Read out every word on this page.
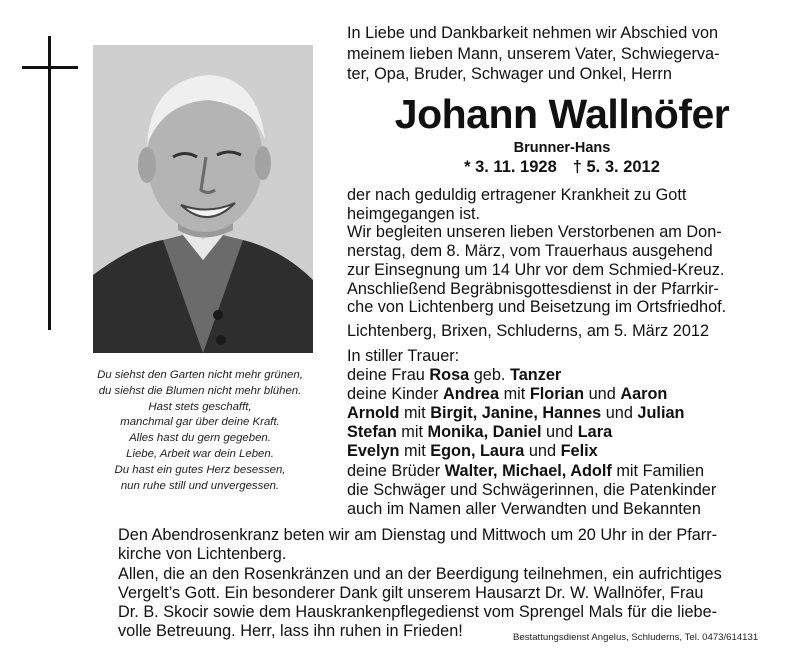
Du siehst den Garten nicht mehr grünen,
du siehst die Blumen nicht mehr blühen.
Hast stets geschafft,
manchmal gar über deine Kraft.
Alles hast du gern gegeben.
Liebe, Arbeit war dein Leben.
Du hast ein gutes Herz besessen,
nun ruhe still und unvergessen.
In Liebe und Dankbarkeit nehmen wir Abschied von
meinem lieben Mann, unserem Vater, Schwiegerva-
ter, Opa, Bruder, Schwager und Onkel, Herrn
Johann Wallnöfer
Brunner-Hans
* 3. 11. 1928 † 5. 3. 2012
der nach geduldig ertragener Krankheit zu Gott
heimgegangen ist.
Wir begleiten unseren lieben Verstorbenen am Don-
nerstag, dem 8. März, vom Trauerhaus ausgehend
zur Einsegnung um 14 Uhr vor dem Schmied-Kreuz.
Anschließend Begräbnisgottesdienst in der Pfarrkir-
che von Lichtenberg und Beisetzung im Ortsfriedhof.
Lichtenberg, Brixen, Schluderns, am 5. März 2012
In stiller Trauer:
deine Frau Rosa geb. Tanzer
deine Kinder Andrea mit Florian und Aaron
Arnold mit Birgit, Janine, Hannes und Julian
Stefan mit Monika, Daniel und Lara
Evelyn mit Egon, Laura und Felix
deine Brüder Walter, Michael, Adolf mit Familien
die Schwäger und Schwägerinnen, die Patenkinder
auch im Namen aller Verwandten und Bekannten
Den Abendrosenkranz beten wir am Dienstag und Mittwoch um 20 Uhr in der Pfarr-
kirche von Lichtenberg.
Allen, die an den Rosenkränzen und an der Beerdigung teilnehmen, ein aufrichtiges
Vergelt’s Gott. Ein besonderer Dank gilt unserem Hausarzt Dr. W. Wallnöfer, Frau
Dr. B. Skocir sowie dem Hauskrankenpflegedienst vom Sprengel Mals für die liebe-
volle Betreuung. Herr, lass ihn ruhen in Frieden!	Bestattungsdienst Angelus, Schluderns, Tel. 0473/614131
